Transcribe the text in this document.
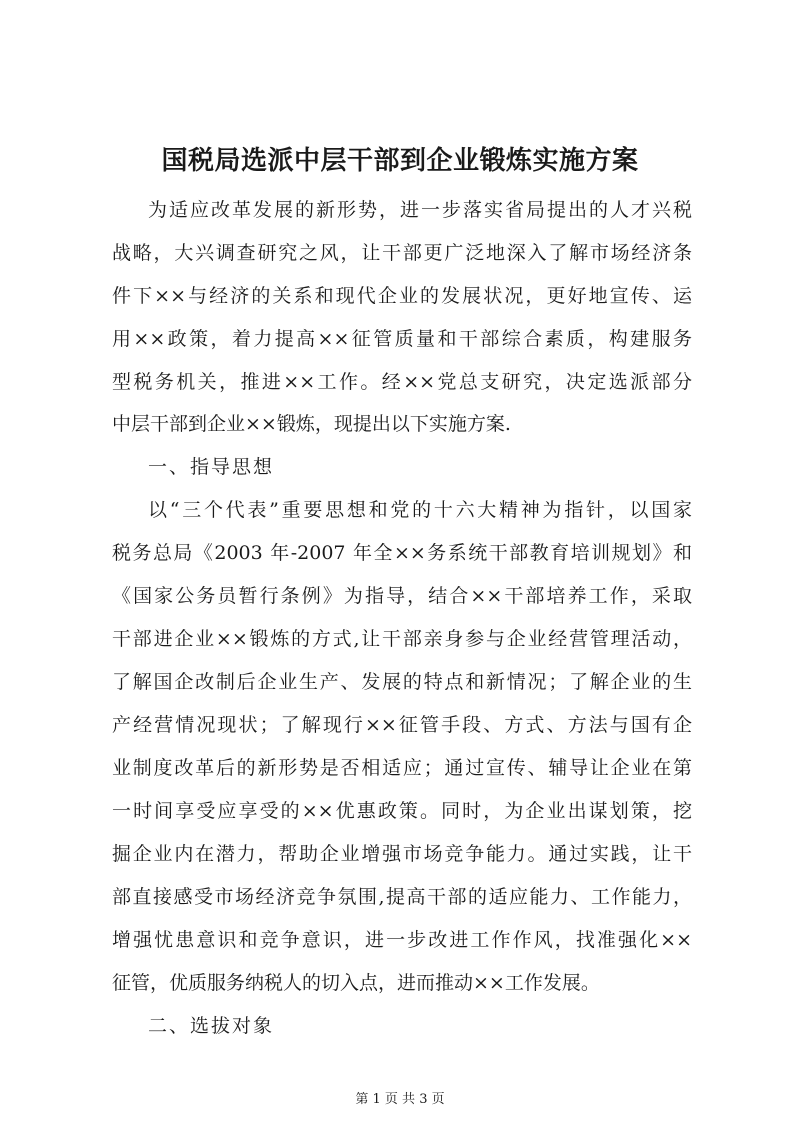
国税局选派中层干部到企业锻炼实施方案
为适应改革发展的新形势，进一步落实省局提出的人才兴税
战略，大兴调查研究之风，让干部更广泛地深入了解市场经济条
件下××与经济的关系和现代企业的发展状况，更好地宣传、运
用××政策，着力提高××征管质量和干部综合素质，构建服务
型税务机关，推进××工作。经××党总支研究，决定选派部分
中层干部到企业××锻炼，现提出以下实施方案.
一、指导思想
以“三个代表”重要思想和党的十六大精神为指针，以国家
税务总局《2003 年-2007 年全××务系统干部教育培训规划》和
《国家公务员暂行条例》为指导，结合××干部培养工作，采取
干部进企业××锻炼的方式,让干部亲身参与企业经营管理活动，
了解国企改制后企业生产、发展的特点和新情况；了解企业的生
产经营情况现状；了解现行××征管手段、方式、方法与国有企
业制度改革后的新形势是否相适应；通过宣传、辅导让企业在第
一时间享受应享受的××优惠政策。同时，为企业出谋划策，挖
掘企业内在潜力，帮助企业增强市场竞争能力。通过实践，让干
部直接感受市场经济竞争氛围,提高干部的适应能力、工作能力，
增强忧患意识和竞争意识，进一步改进工作作风，找准强化××
征管，优质服务纳税人的切入点，进而推动××工作发展。
二、选拔对象
第 1 页 共 3 页
